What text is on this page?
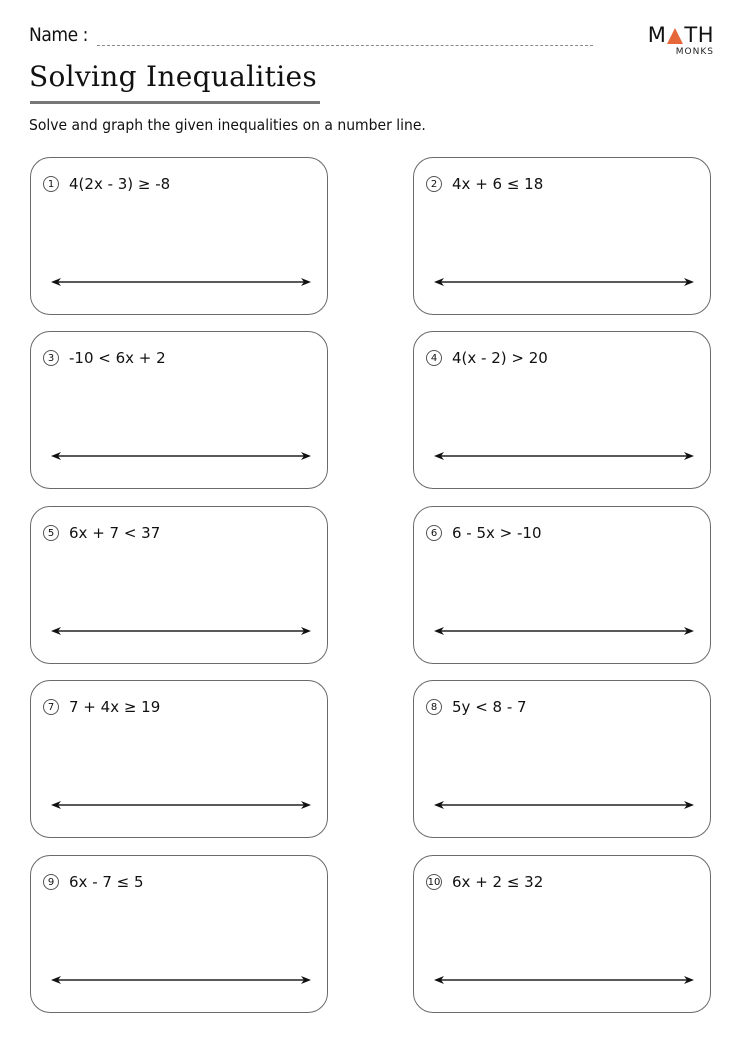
Name :	M TH
MONKS
Solving Inequalities
Solve and graph the given inequalities on a number line.
1 4(2x - 3) ≥ -8	2 4x + 6 ≤ 18
3 -10 < 6x + 2	4 4(x - 2) > 20
5 6x + 7 < 37	6 6 - 5x > -10
7 7 + 4x ≥ 19	8 5y < 8 - 7
9 6x - 7 ≤ 5	10 6x + 2 ≤ 32
